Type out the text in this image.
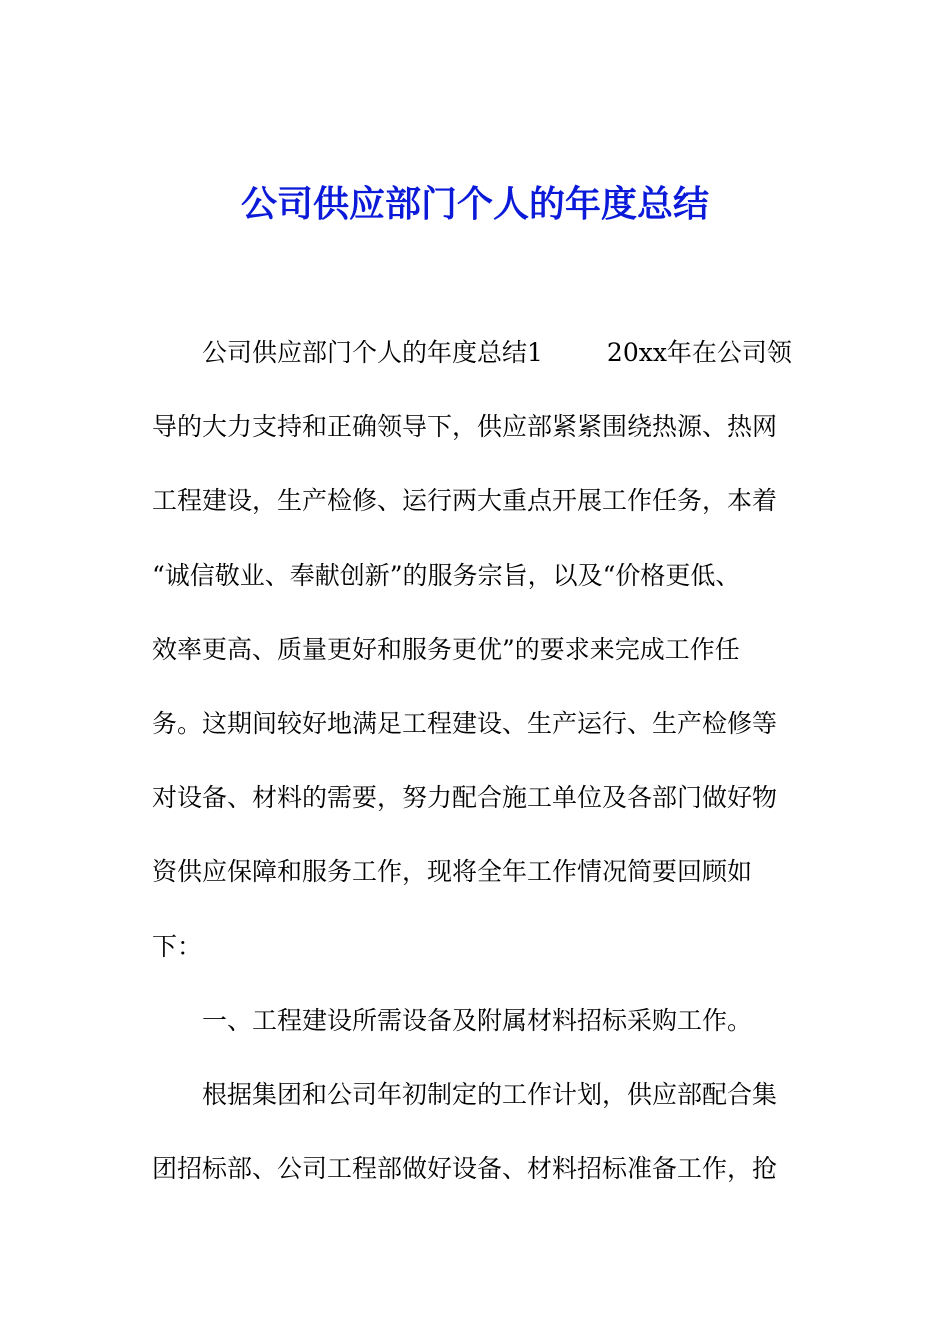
公司供应部门个人的年度总结
公司供应部门个人的年度总结1	20xx年在公司领
导的大力支持和正确领导下，供应部紧紧围绕热源、热网
工程建设，生产检修、运行两大重点开展工作任务，本着
“诚信敬业、奉献创新”的服务宗旨，以及“价格更低、
效率更高、质量更好和服务更优”的要求来完成工作任
务。这期间较好地满足工程建设、生产运行、生产检修等
对设备、材料的需要，努力配合施工单位及各部门做好物
资供应保障和服务工作，现将全年工作情况简要回顾如
下：
一、工程建设所需设备及附属材料招标采购工作。
根据集团和公司年初制定的工作计划，供应部配合集
团招标部、公司工程部做好设备、材料招标准备工作，抢
